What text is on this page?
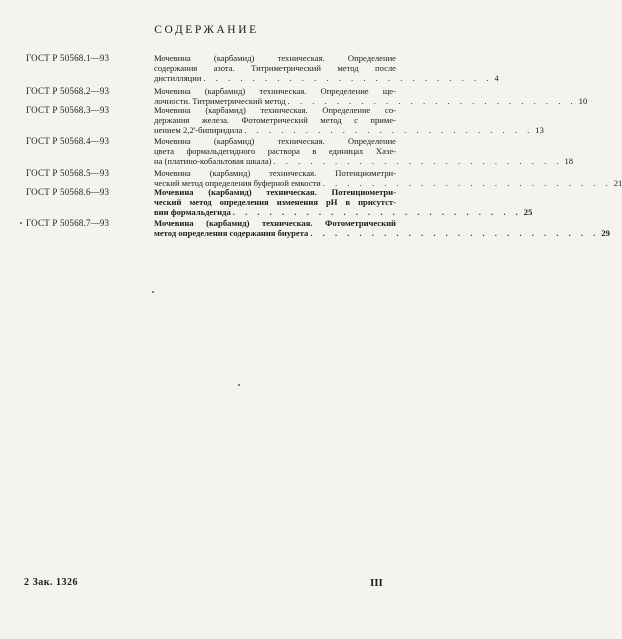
СОДЕРЖАНИЕ
ГОСТ Р 50568.1—93	Мочевина (карбамид) техническая. Определение
содержания азота. Титриметрический метод после
дистилляции . . . . . . . . . . . . . . . . . . . . . . . . 4
ГОСТ Р 50568.2—93	Мочевина (карбамид) техническая. Определение ще-
лочности. Титриметрический метод . . . . . . . . . . . . . . . . . . . . . . . . 10
ГОСТ Р 50568.3—93	Мочевина (карбамид) техническая. Определение со-
держания железа. Фотометрический метод с приме-
нением 2,2'-бипиридила . . . . . . . . . . . . . . . . . . . . . . . . 13
ГОСТ Р 50568.4—93	Мочевина (карбамид) техническая. Определение
цвета формальдегидного раствора в единицах Хазе-
на (платино-кобальтовая шкала) . . . . . . . . . . . . . . . . . . . . . . . . 18
ГОСТ Р 50568.5—93	Мочевина (карбамид) техническая. Потенциометри-
ческий метод определения буферной емкости . . . . . . . . . . . . . . . . . . . . . . . . 21
ГОСТ Р 50568.6—93	Мочевина (карбамид) техническая. Потенциометри-
ческий метод определения изменения pH в присутст-
вии формальдегида . . . . . . . . . . . . . . . . . . . . . . . . 25
ГОСТ Р 50568.7—93	Мочевина (карбамид) техническая. Фотометрический
метод определения содержания биурета . . . . . . . . . . . . . . . . . . . . . . . . 29
2 Зак. 1326	III
